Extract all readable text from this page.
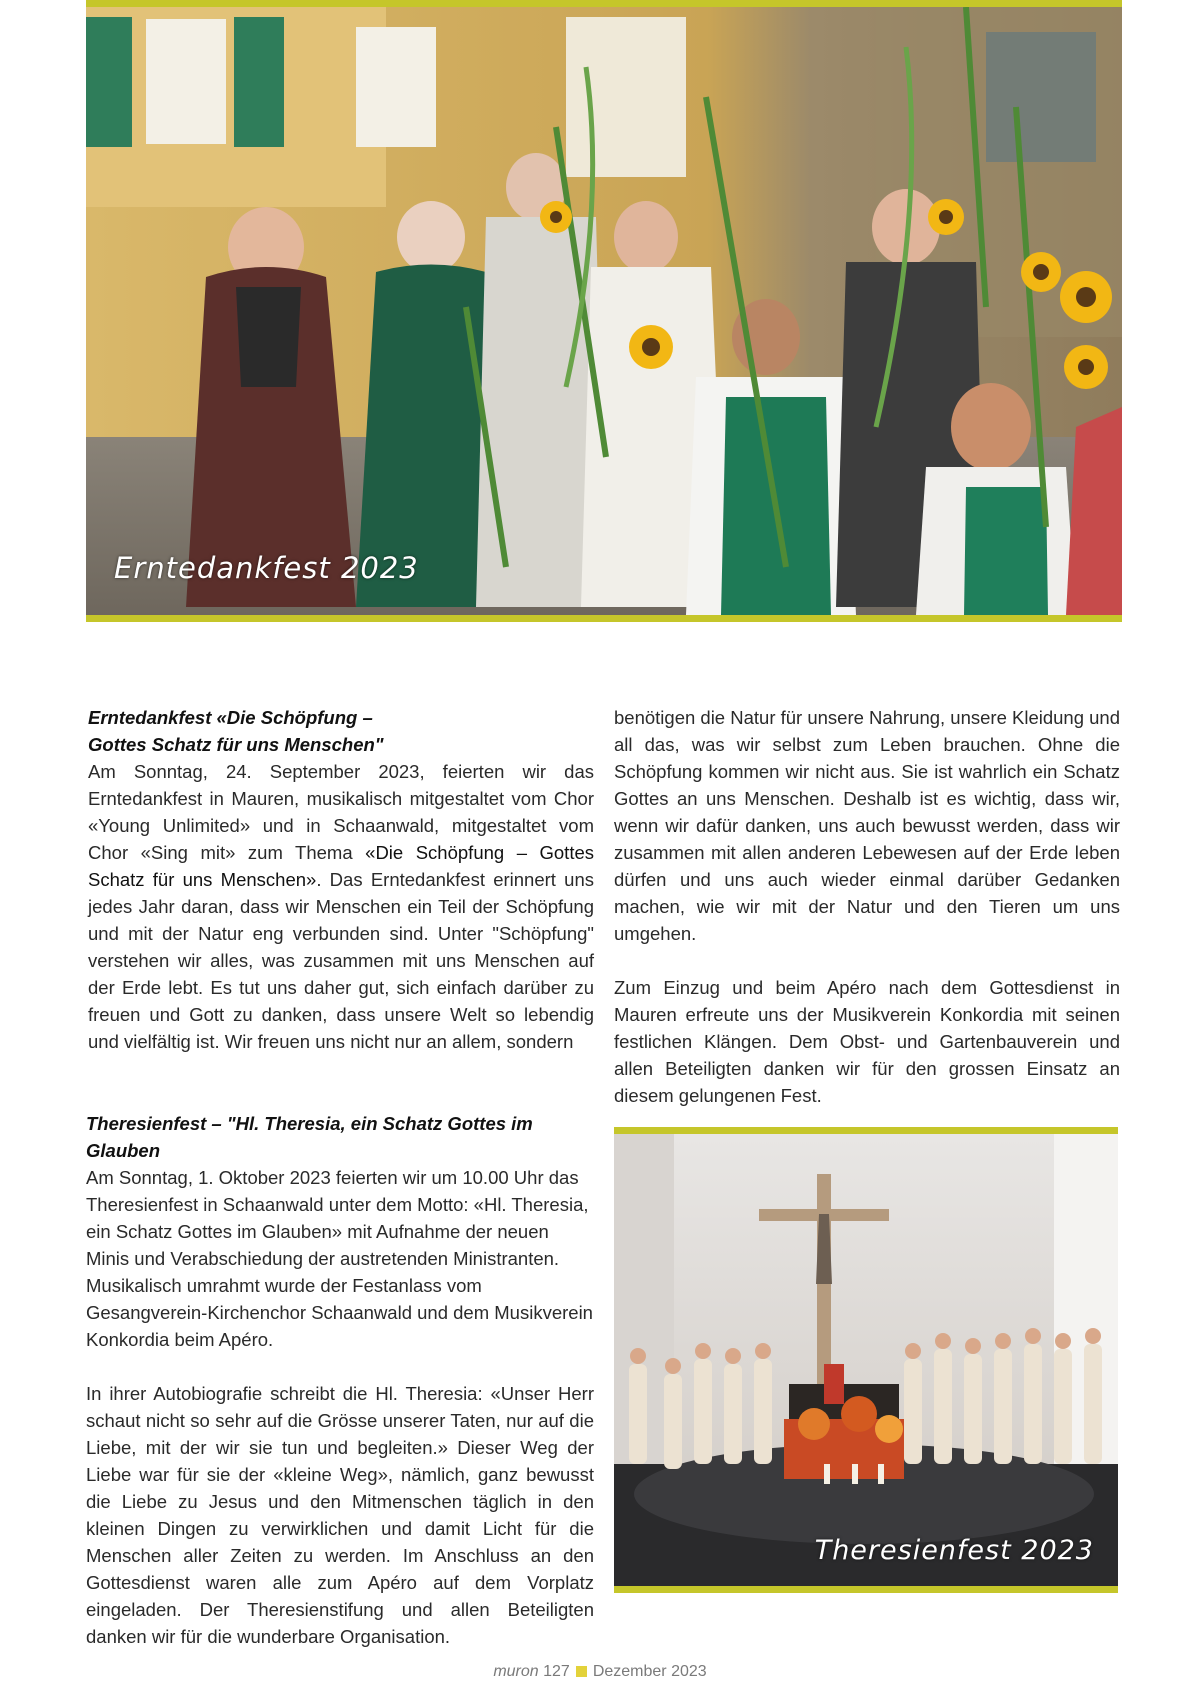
Erntedankfest 2023

Erntedankfest «Die Schöpfung –
Gottes Schatz für uns Menschen"

Am Sonntag, 24. September 2023, feierten wir das Erntedankfest in Mauren, musikalisch mitgestaltet vom Chor «Young Unlimited» und in Schaanwald, mitgestaltet vom Chor «Sing mit» zum Thema «Die Schöpfung – Gottes Schatz für uns Menschen». Das Erntedankfest erinnert uns jedes Jahr daran, dass wir Menschen ein Teil der Schöpfung und mit der Natur eng verbunden sind. Unter "Schöpfung" verstehen wir alles, was zusammen mit uns Menschen auf der Erde lebt. Es tut uns daher gut, sich einfach darüber zu freuen und Gott zu danken, dass unsere Welt so lebendig und vielfältig ist. Wir freuen uns nicht nur an allem, sondern

benötigen die Natur für unsere Nahrung, unsere Kleidung und all das, was wir selbst zum Leben brauchen. Ohne die Schöpfung kommen wir nicht aus. Sie ist wahrlich ein Schatz Gottes an uns Menschen. Deshalb ist es wichtig, dass wir, wenn wir dafür danken, uns auch bewusst werden, dass wir zusammen mit allen anderen Lebewesen auf der Erde leben dürfen und uns auch wieder einmal darüber Gedanken machen, wie wir mit der Natur und den Tieren um uns umgehen.

Zum Einzug und beim Apéro nach dem Gottesdienst in Mauren erfreute uns der Musikverein Konkordia mit seinen festlichen Klängen. Dem Obst- und Gartenbauverein und allen Beteiligten danken wir für den grossen Einsatz an diesem gelungenen Fest.

Theresienfest – "Hl. Theresia, ein Schatz Gottes im Glauben

Am Sonntag, 1. Oktober 2023 feierten wir um 10.00 Uhr das Theresienfest in Schaanwald unter dem Motto: «Hl. Theresia, ein Schatz Gottes im Glauben» mit Aufnahme der neuen Minis und Verabschiedung der austretenden Ministranten. Musikalisch umrahmt wurde der Festanlass vom Gesangverein-Kirchenchor Schaanwald und dem Musikverein Konkordia beim Apéro.

In ihrer Autobiografie schreibt die Hl. Theresia: «Unser Herr schaut nicht so sehr auf die Grösse unserer Taten, nur auf die Liebe, mit der wir sie tun und begleiten.» Dieser Weg der Liebe war für sie der «kleine Weg», nämlich, ganz bewusst die Liebe zu Jesus und den Mitmenschen täglich in den kleinen Dingen zu verwirklichen und damit Licht für die Menschen aller Zeiten zu werden. Im Anschluss an den Gottesdienst waren alle zum Apéro auf dem Vorplatz eingeladen. Der Theresienstifung und allen Beteiligten danken wir für die wunderbare Organisation.

Theresienfest 2023
muron 127 Dezember 2023
